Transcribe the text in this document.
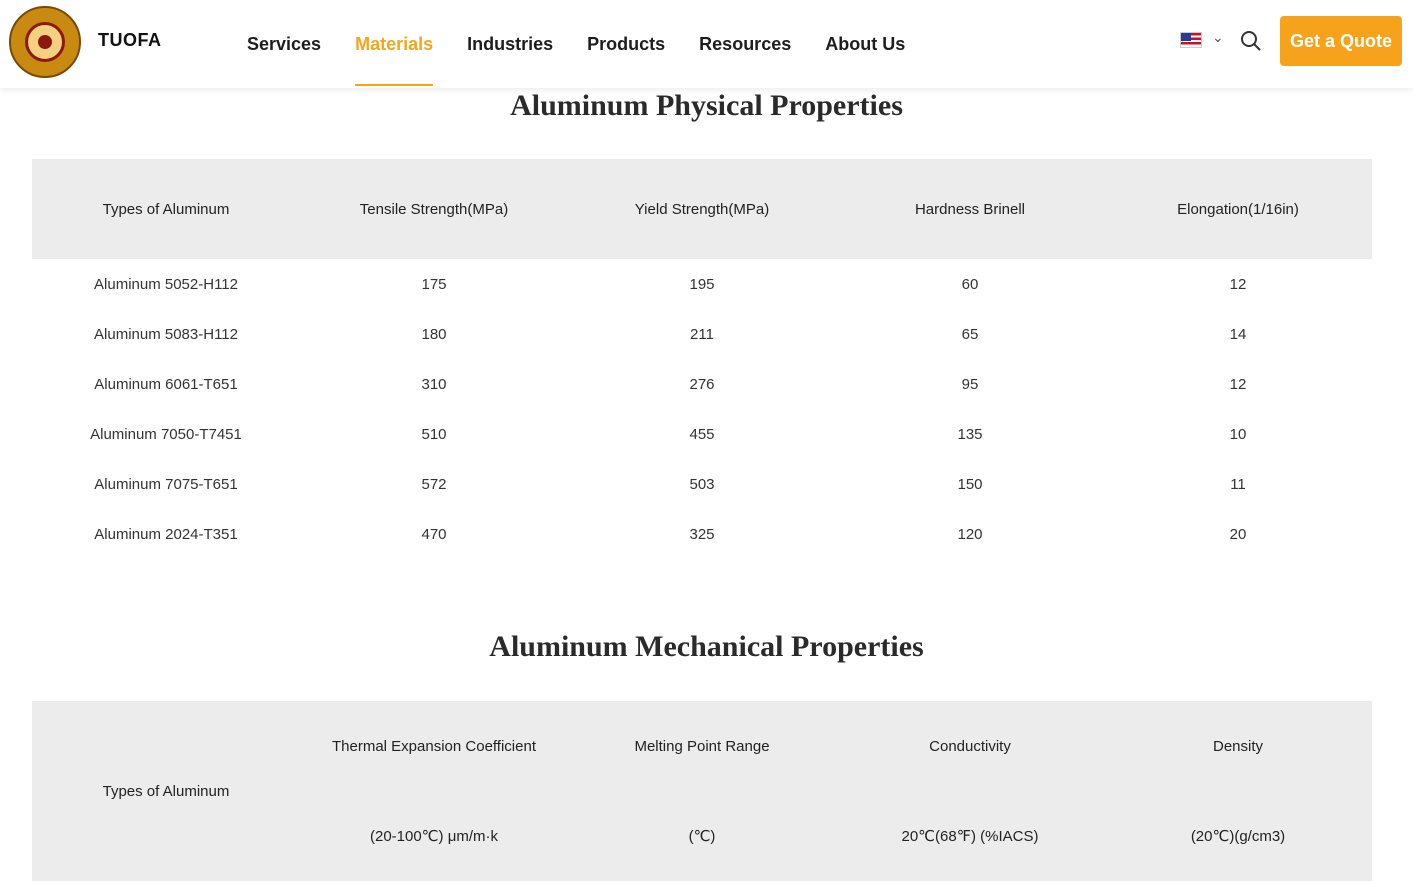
TUOFA	Services	Materials	Industries	Products	Resources	About Us	⌄	Get a Quote
Aluminum Physical Properties
Types of Aluminum	Tensile Strength(MPa)	Yield Strength(MPa)	Hardness Brinell	Elongation(1/16in)
Aluminum 5052-H112	175	195	60	12
Aluminum 5083-H112	180	211	65	14
Aluminum 6061-T651	310	276	95	12
Aluminum 7050-T7451	510	455	135	10
Aluminum 7075-T651	572	503	150	11
Aluminum 2024-T351	470	325	120	20
Aluminum Mechanical Properties
Types of Aluminum	Thermal Expansion Coefficient	Melting Point Range	Conductivity	Density
	(20-100℃) μm/m·k	(℃)	20℃(68℉) (%IACS)	(20℃)(g/cm3)
